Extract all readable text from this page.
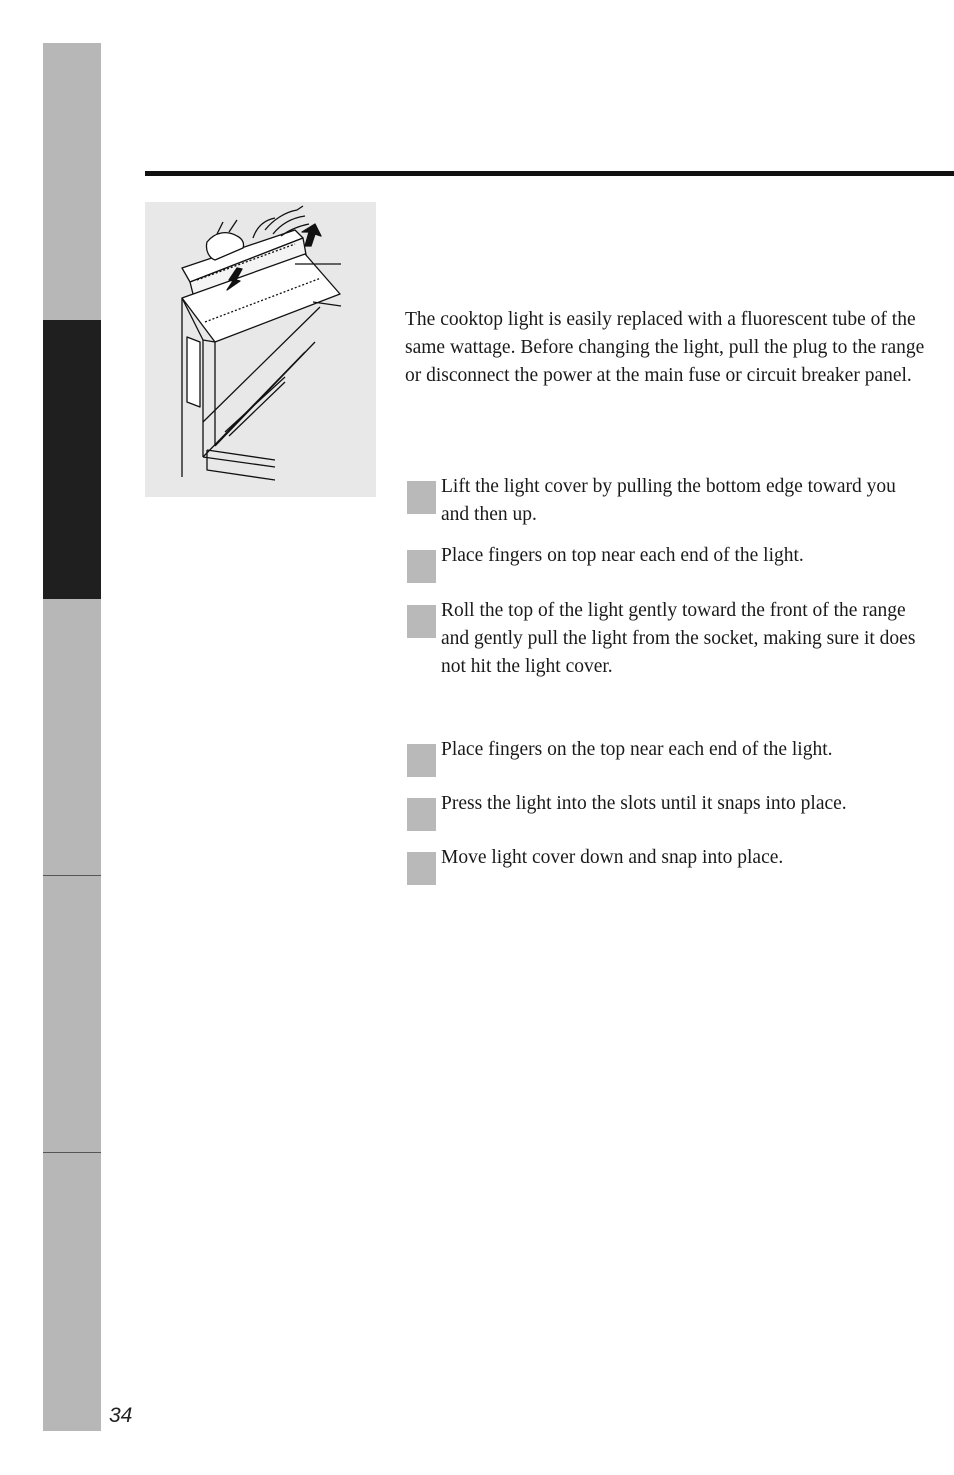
The cooktop light is easily replaced with a fluorescent tube of the same wattage. Before changing the light, pull the plug to the range or disconnect the power at the main fuse or circuit breaker panel.

Lift the light cover by pulling the bottom edge toward you and then up.

Place fingers on top near each end of the light.

Roll the top of the light gently toward the front of the range and gently pull the light from the socket, making sure it does not hit the light cover.

Place fingers on the top near each end of the light.

Press the light into the slots until it snaps into place.

Move light cover down and snap into place.

34
